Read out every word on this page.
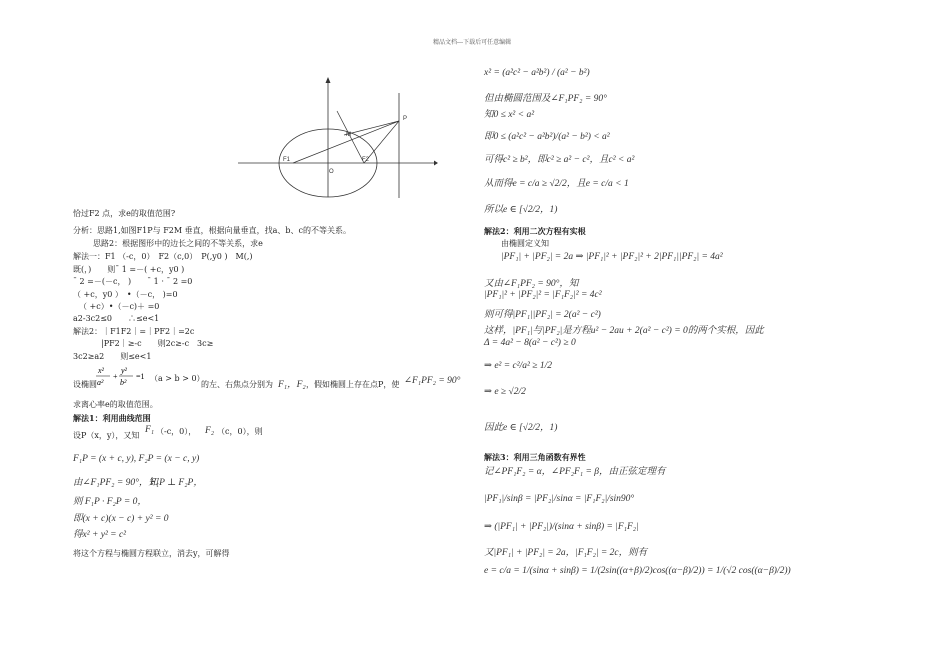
精品文档---下载后可任意编辑
F1	F2
O
M
P
恰过F2 点，求e的取值范围?
分析：思路1,如图F1P与 F2M 垂直，根据向量垂直，找a、b、c的不等关系。
思路2：根据图形中的边长之间的不等关系，求e
解法一：F1 （-c，0）　F2（c,0）　P(,y0 )　M(,)
既(，)　　则ˉ 1 =－( +c，y0 )
ˉ 2 =－(－c， )　　ˉ 1 · ˉ 2 =0
（ +c，y0 ）　•（－c， )=0
（ +c）•（－c)＋ =0
a2-3c2≤0　　∴≤e<1
解法2：｜F1F2｜=｜PF2｜=2c
|PF2｜≥-c　　则2c≥-c　3c≥
3c2≥a2　　则≤e<1
设椭圆
x²
a²
+
y²
b²
=1 （a > b > 0）
的左、右焦点分别为 F₁，F₂ ，假如椭圆上存在点P，使 ∠F₁PF₂ = 90°
求离心率e的取值范围。
解法1：利用曲线范围
设P（x，y），又知
F₁ （-c，0）， F₂ （c，0），则
F₁P = (x + c, y), F₂P = (x − c, y)
由∠F₁PF₂ = 90°，知
F₁P ⊥ F₂P，
则 F₁P · F₂P = 0，
即(x + c)(x − c) + y² = 0
得x² + y² = c²
将这个方程与椭圆方程联立，消去y，可解得
x² = (a²c² − a²b²) / (a² − b²)
但由椭圆范围及∠F₁PF₂ = 90°
知0 ≤ x² < a²
即0 ≤ (a²c² − a²b²)/(a² − b²) < a²
可得c² ≥ b²，即c² ≥ a² − c²，且c² < a²
从而得e = c/a ≥ √2/2，且e = c/a < 1
所以e ∈ [√2/2，1)
解法2：利用二次方程有实根
由椭圆定义知
|PF₁| + |PF₂| = 2a ⇒ |PF₁|² + |PF₂|² + 2|PF₁||PF₂| = 4a²
又由∠F₁PF₂ = 90°，知
|PF₁|² + |PF₂|² = |F₁F₂|² = 4c²
则可得|PF₁||PF₂| = 2(a² − c²)
这样，|PF₁|与|PF₂|是方程u² − 2au + 2(a² − c²) = 0的两个实根，因此
Δ = 4a² − 8(a² − c²) ≥ 0
⇒ e² = c²/a² ≥ 1/2
⇒ e ≥ √2/2
因此e ∈ [√2/2，1)
解法3：利用三角函数有界性
记∠PF₁F₂ = α，∠PF₂F₁ = β，由正弦定理有
|PF₁|/sinβ = |PF₂|/sinα = |F₁F₂|/sin90°
⇒ (|PF₁| + |PF₂|)/(sinα + sinβ) = |F₁F₂|
又|PF₁| + |PF₂| = 2a，|F₁F₂| = 2c，则有
e = c/a = 1/(sinα + sinβ) = 1/(2sin((α+β)/2)cos((α−β)/2)) = 1/(√2 cos((α−β)/2))
